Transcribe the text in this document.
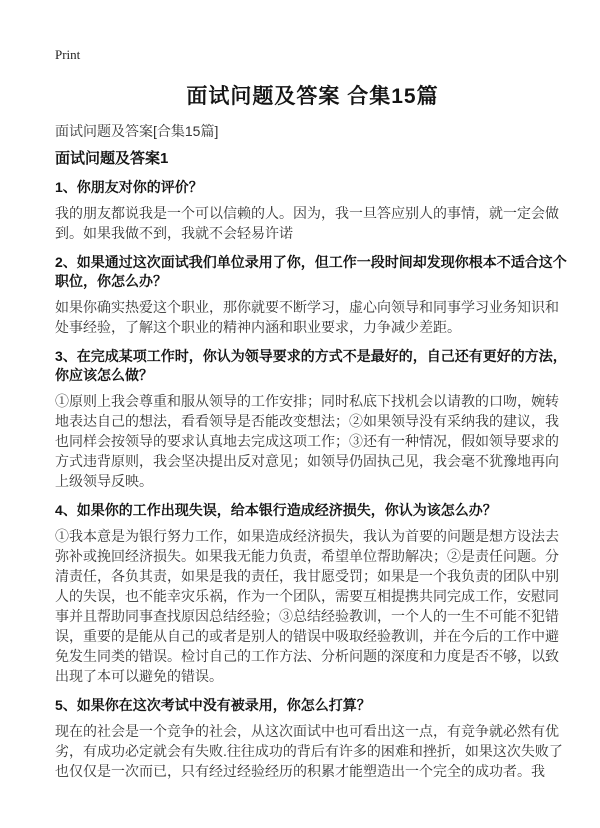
Print
面试问题及答案 合集15篇

面试问题及答案[合集15篇]

面试问题及答案1
1、你朋友对你的评价？

我的朋友都说我是一个可以信赖的人。因为，我一旦答应别人的事情，就一定会做到。如果我做不到，我就不会轻易许诺

2、如果通过这次面试我们单位录用了你，但工作一段时间却发现你根本不适合这个职位，你怎么办？

如果你确实热爱这个职业，那你就要不断学习，虚心向领导和同事学习业务知识和处事经验，了解这个职业的精神内涵和职业要求，力争减少差距。

3、在完成某项工作时，你认为领导要求的方式不是最好的，自己还有更好的方法，你应该怎么做？

①原则上我会尊重和服从领导的工作安排；同时私底下找机会以请教的口吻，婉转地表达自己的想法，看看领导是否能改变想法；②如果领导没有采纳我的建议，我也同样会按领导的要求认真地去完成这项工作；③还有一种情况，假如领导要求的方式违背原则，我会坚决提出反对意见；如领导仍固执己见，我会毫不犹豫地再向上级领导反映。

4、如果你的工作出现失误，给本银行造成经济损失，你认为该怎么办？

①我本意是为银行努力工作，如果造成经济损失，我认为首要的问题是想方设法去弥补或挽回经济损失。如果我无能力负责，希望单位帮助解决；②是责任问题。分清责任，各负其责，如果是我的责任，我甘愿受罚；如果是一个我负责的团队中别人的失误，也不能幸灾乐祸，作为一个团队，需要互相提携共同完成工作，安慰同事并且帮助同事查找原因总结经验；③总结经验教训，一个人的一生不可能不犯错误，重要的是能从自己的或者是别人的错误中吸取经验教训，并在今后的工作中避免发生同类的错误。检讨自己的工作方法、分析问题的深度和力度是否不够，以致出现了本可以避免的错误。

5、如果你在这次考试中没有被录用，你怎么打算？

现在的社会是一个竞争的社会，从这次面试中也可看出这一点，有竞争就必然有优劣，有成功必定就会有失败.往往成功的背后有许多的困难和挫折，如果这次失败了也仅仅是一次而已，只有经过经验经历的积累才能塑造出一个完全的成功者。我
